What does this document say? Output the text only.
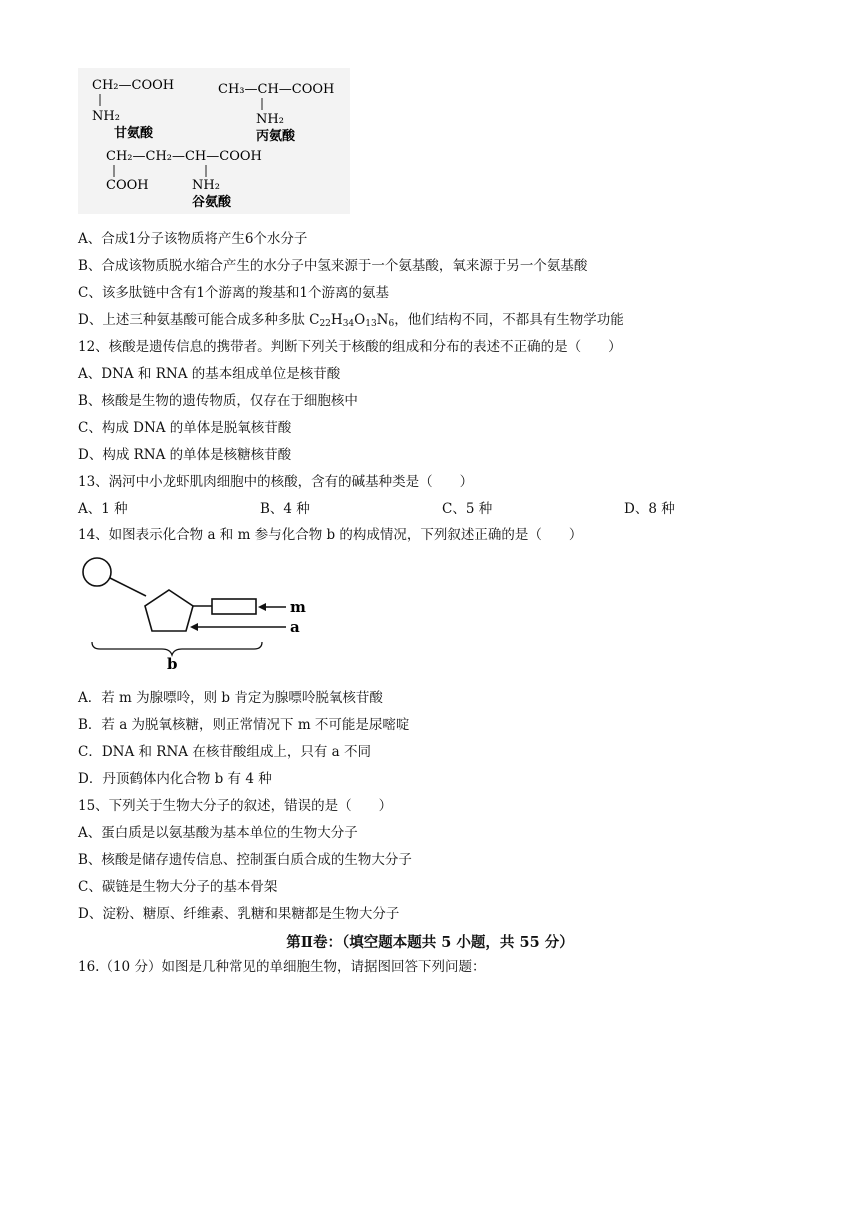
CH₂—COOH
NH₂
甘氨酸
CH₃—CH—COOH
NH₂
丙氨酸
CH₂—CH₂—CH—COOH
COOH	NH₂
谷氨酸
A、合成1分子该物质将产生6个水分子
B、合成该物质脱水缩合产生的水分子中氢来源于一个氨基酸，氧来源于另一个氨基酸
C、该多肽链中含有1个游离的羧基和1个游离的氨基
D、上述三种氨基酸可能合成多种多肽 $C_{22}H_{34}O_{13}N_6$，他们结构不同，不都具有生物学功能
12、核酸是遗传信息的携带者。判断下列关于核酸的组成和分布的表述不正确的是（　　）
A、DNA 和 RNA 的基本组成单位是核苷酸
B、核酸是生物的遗传物质，仅存在于细胞核中
C、构成 DNA 的单体是脱氧核苷酸
D、构成 RNA 的单体是核糖核苷酸
13、涡河中小龙虾肌肉细胞中的核酸，含有的碱基种类是（　　）
A、1 种	B、4 种	C、5 种	D、8 种
14、如图表示化合物 a 和 m 参与化合物 b 的构成情况，下列叙述正确的是（　　）
m
a
b
A．若 m 为腺嘌呤，则 b 肯定为腺嘌呤脱氧核苷酸
B．若 a 为脱氧核糖，则正常情况下 m 不可能是尿嘧啶
C．DNA 和 RNA 在核苷酸组成上，只有 a 不同
D．丹顶鹤体内化合物 b 有 4 种
15、下列关于生物大分子的叙述，错误的是（　　）
A、蛋白质是以氨基酸为基本单位的生物大分子
B、核酸是储存遗传信息、控制蛋白质合成的生物大分子
C、碳链是生物大分子的基本骨架
D、淀粉、糖原、纤维素、乳糖和果糖都是生物大分子
第Ⅱ卷：（填空题本题共 5 小题，共 55 分）
16.（10 分）如图是几种常见的单细胞生物，请据图回答下列问题：
